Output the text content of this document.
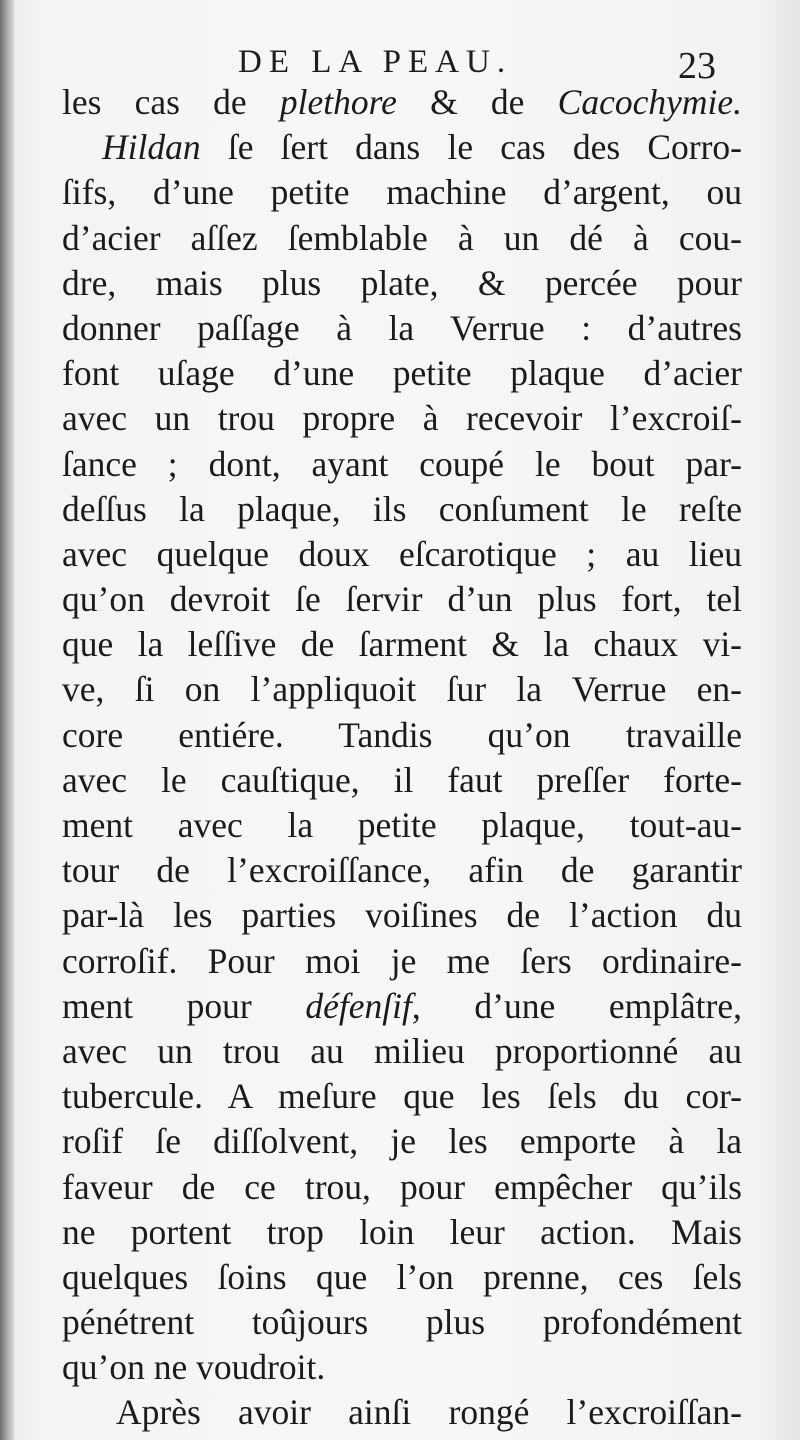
DE LA PEAU.	23
les cas de plethore & de Cacochymie.
Hildan ſe ſert dans le cas des Corro-
ſifs, d’une petite machine d’argent, ou
d’acier aſſez ſemblable à un dé à cou-
dre, mais plus plate, & percée pour
donner paſſage à la Verrue : d’autres
font uſage d’une petite plaque d’acier
avec un trou propre à recevoir l’excroiſ-
ſance ; dont, ayant coupé le bout par-
deſſus la plaque, ils conſument le reſte
avec quelque doux eſcarotique ; au lieu
qu’on devroit ſe ſervir d’un plus fort, tel
que la leſſive de ſarment & la chaux vi-
ve, ſi on l’appliquoit ſur la Verrue en-
core entiére. Tandis qu’on travaille
avec le cauſtique, il faut preſſer forte-
ment avec la petite plaque, tout-au-
tour de l’excroiſſance, afin de garantir
par-là les parties voiſines de l’action du
corroſif. Pour moi je me ſers ordinaire-
ment pour défenſif, d’une emplâtre,
avec un trou au milieu proportionné au
tubercule. A meſure que les ſels du cor-
roſif ſe diſſolvent, je les emporte à la
faveur de ce trou, pour empêcher qu’ils
ne portent trop loin leur action. Mais
quelques ſoins que l’on prenne, ces ſels
pénétrent toûjours plus profondément
qu’on ne voudroit.
Après avoir ainſi rongé l’excroiſſan-
